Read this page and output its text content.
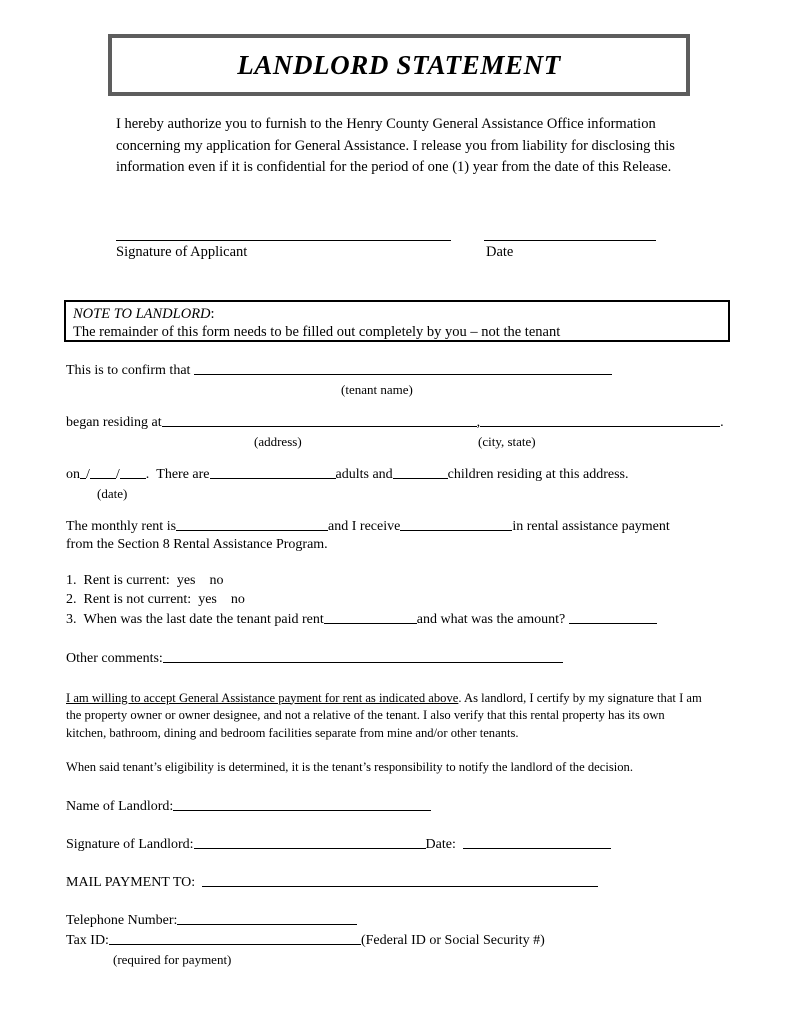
LANDLORD STATEMENT
I hereby authorize you to furnish to the Henry County General Assistance Office information concerning my application for General Assistance. I release you from liability for disclosing this information even if it is confidential for the period of one (1) year from the date of this Release.
Signature of Applicant	Date
NOTE TO LANDLORD:
The remainder of this form needs to be filled out completely by you – not the tenant
This is to confirm that
(tenant name)
began residing at	,	.
(address)	(city, state)
on / / . There are	adults and	children residing at this address.
(date)
The monthly rent is	and I receive	in rental assistance payment
from the Section 8 Rental Assistance Program.
1. Rent is current: yes no
2. Rent is not current: yes no
3. When was the last date the tenant paid rent	and what was the amount?
Other comments:
I am willing to accept General Assistance payment for rent as indicated above. As landlord, I certify by my signature that I am the property owner or owner designee, and not a relative of the tenant. I also verify that this rental property has its own kitchen, bathroom, dining and bedroom facilities separate from mine and/or other tenants.
When said tenant’s eligibility is determined, it is the tenant’s responsibility to notify the landlord of the decision.
Name of Landlord:
Signature of Landlord:	Date:
MAIL PAYMENT TO:
Telephone Number:
Tax ID:	(Federal ID or Social Security #)
(required for payment)
